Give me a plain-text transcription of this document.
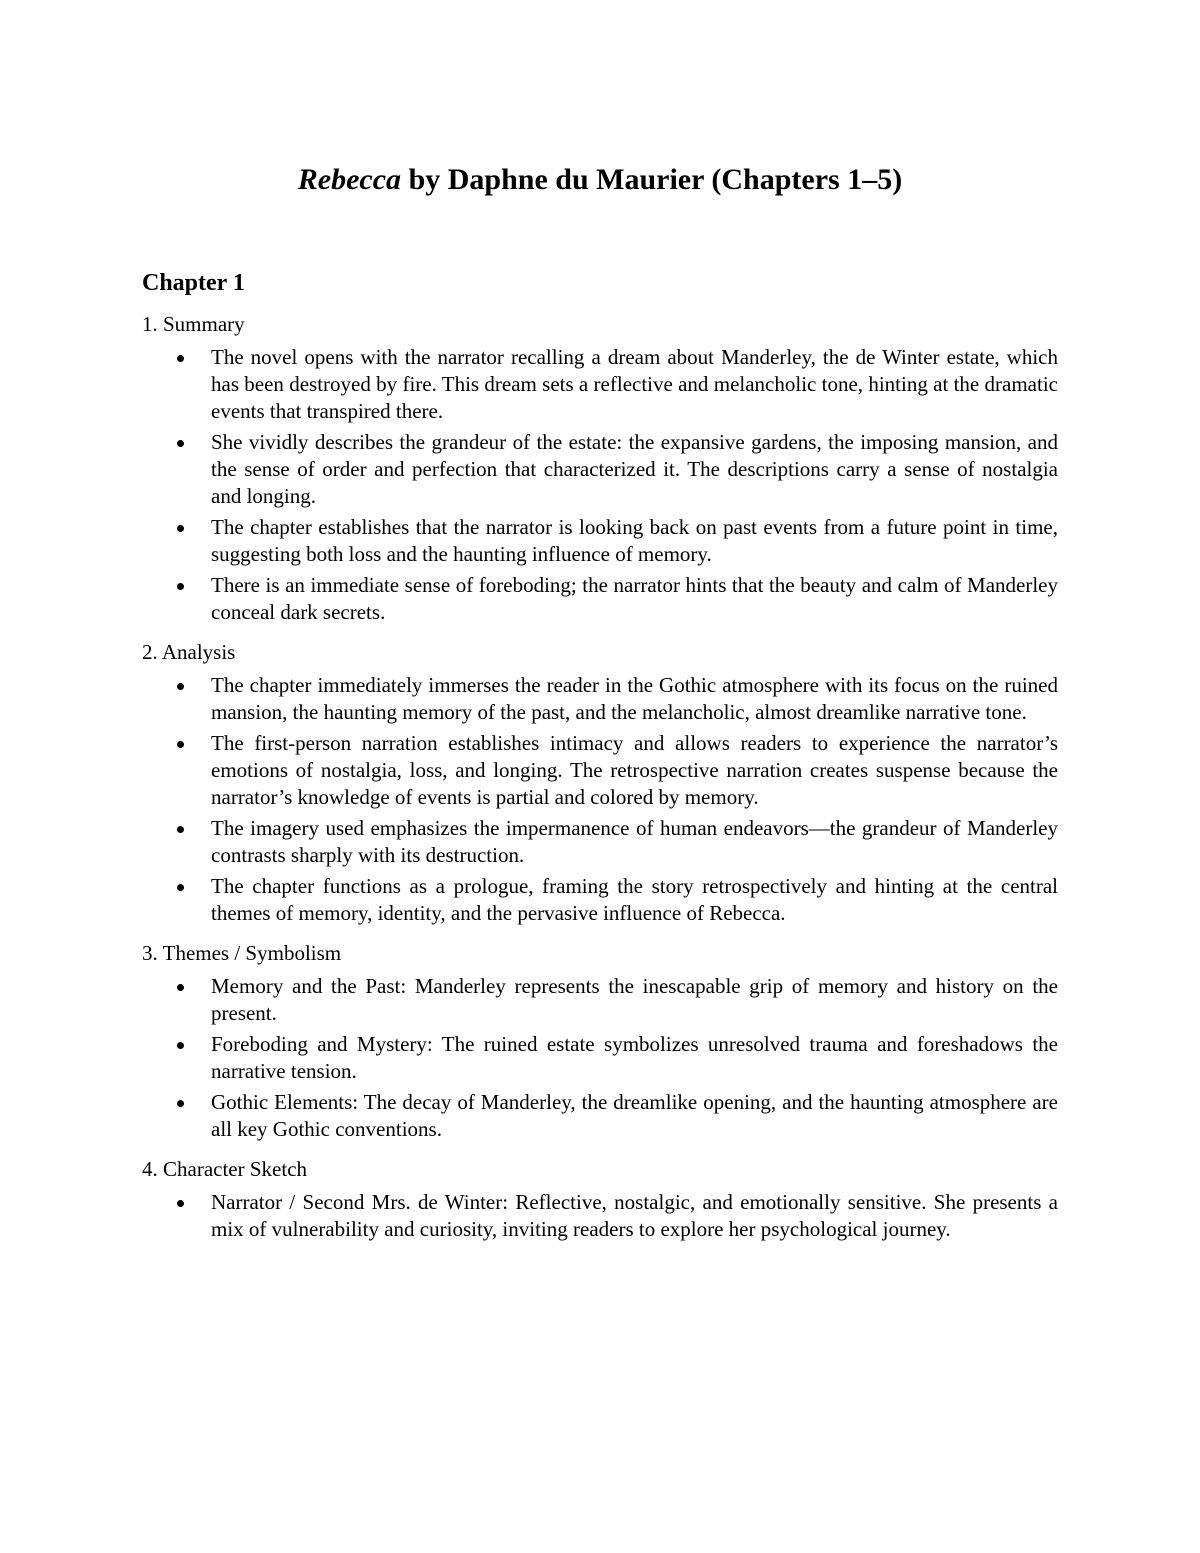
Rebecca by Daphne du Maurier (Chapters 1–5)
Chapter 1
1. Summary
The novel opens with the narrator recalling a dream about Manderley, the de Winter estate, which has been destroyed by fire. This dream sets a reflective and melancholic tone, hinting at the dramatic events that transpired there.
She vividly describes the grandeur of the estate: the expansive gardens, the imposing mansion, and the sense of order and perfection that characterized it. The descriptions carry a sense of nostalgia and longing.
The chapter establishes that the narrator is looking back on past events from a future point in time, suggesting both loss and the haunting influence of memory.
There is an immediate sense of foreboding; the narrator hints that the beauty and calm of Manderley conceal dark secrets.
2. Analysis
The chapter immediately immerses the reader in the Gothic atmosphere with its focus on the ruined mansion, the haunting memory of the past, and the melancholic, almost dreamlike narrative tone.
The first-person narration establishes intimacy and allows readers to experience the narrator’s emotions of nostalgia, loss, and longing. The retrospective narration creates suspense because the narrator’s knowledge of events is partial and colored by memory.
The imagery used emphasizes the impermanence of human endeavors—the grandeur of Manderley contrasts sharply with its destruction.
The chapter functions as a prologue, framing the story retrospectively and hinting at the central themes of memory, identity, and the pervasive influence of Rebecca.
3. Themes / Symbolism
Memory and the Past: Manderley represents the inescapable grip of memory and history on the present.
Foreboding and Mystery: The ruined estate symbolizes unresolved trauma and foreshadows the narrative tension.
Gothic Elements: The decay of Manderley, the dreamlike opening, and the haunting atmosphere are all key Gothic conventions.
4. Character Sketch
Narrator / Second Mrs. de Winter: Reflective, nostalgic, and emotionally sensitive. She presents a mix of vulnerability and curiosity, inviting readers to explore her psychological journey.
